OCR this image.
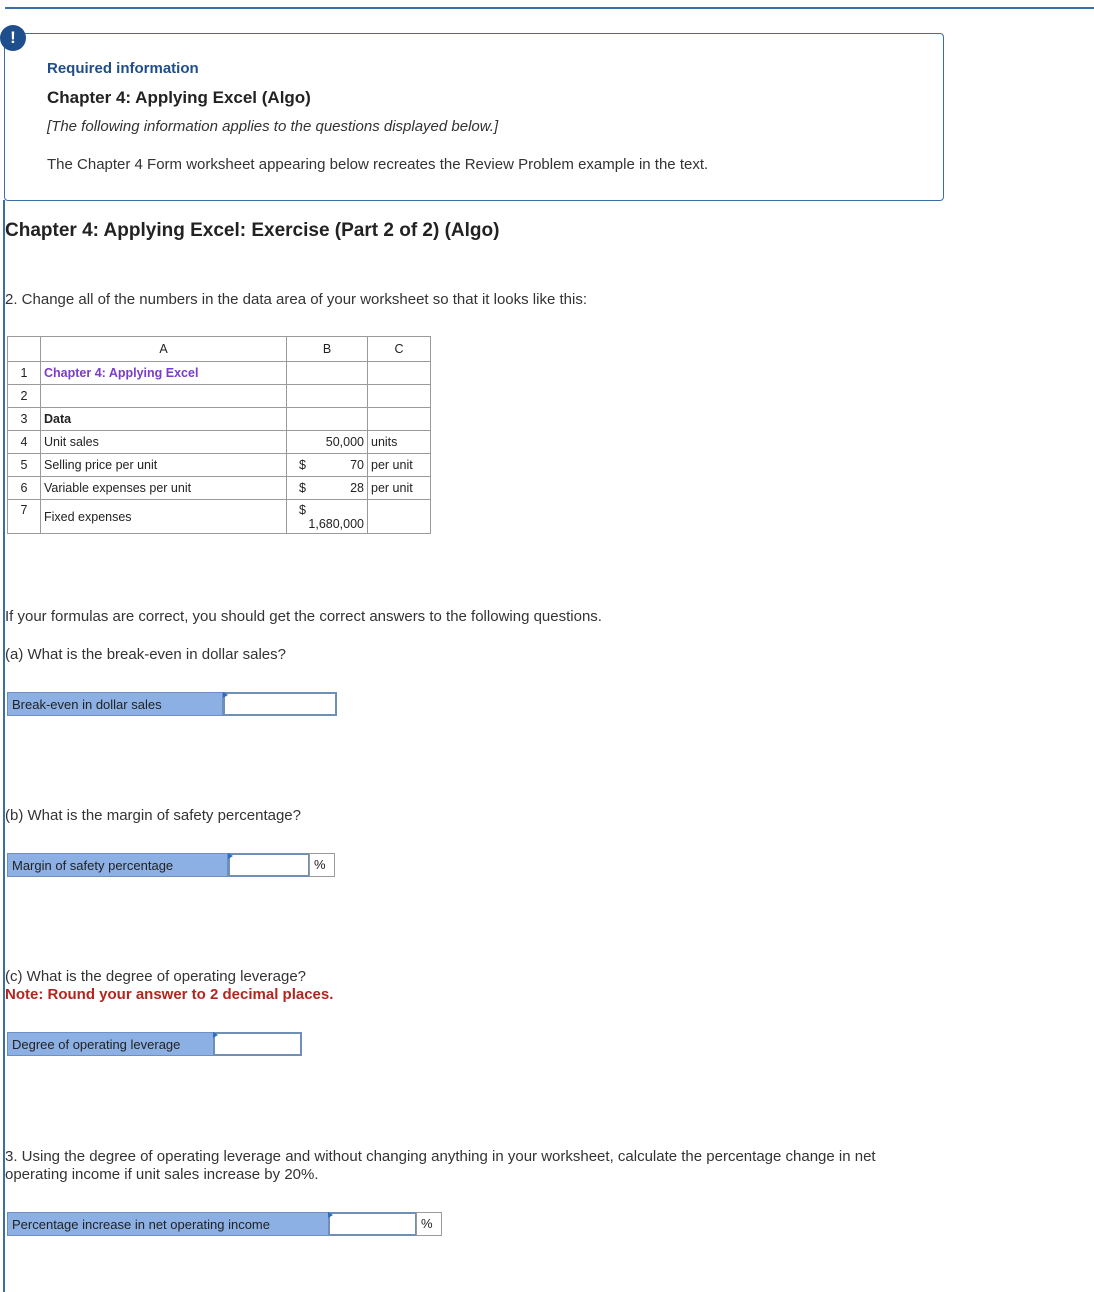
Required information
Chapter 4: Applying Excel (Algo)
[The following information applies to the questions displayed below.]
The Chapter 4 Form worksheet appearing below recreates the Review Problem example in the text.
!
Chapter 4: Applying Excel: Exercise (Part 2 of 2) (Algo)
2. Change all of the numbers in the data area of your worksheet so that it looks like this:
	A	B	C
1	Chapter 4: Applying Excel		
2			
3	Data		
4	Unit sales	50,000	units
5	Selling price per unit	$ 70	per unit
6	Variable expenses per unit	$ 28	per unit
7	Fixed expenses	$
1,680,000	

If your formulas are correct, you should get the correct answers to the following questions.
(a) What is the break-even in dollar sales?
Break-even in dollar sales
(b) What is the margin of safety percentage?
Margin of safety percentage	%
(c) What is the degree of operating leverage?
Note: Round your answer to 2 decimal places.
Degree of operating leverage
3. Using the degree of operating leverage and without changing anything in your worksheet, calculate the percentage change in net
operating income if unit sales increase by 20%.
Percentage increase in net operating income	%
